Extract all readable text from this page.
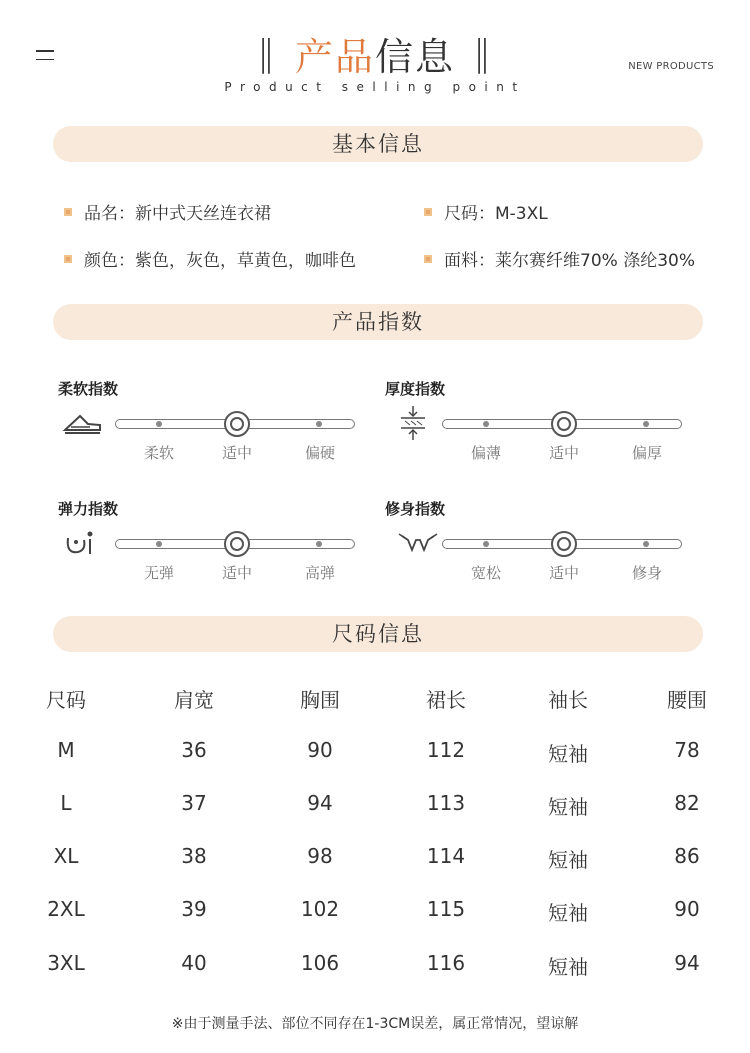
‖ 产品信息 ‖
Product selling point
NEW PRODUCTS
基本信息
品名：新中式天丝连衣裙	尺码：M-3XL
颜色：紫色，灰色，草黄色，咖啡色	面料：莱尔赛纤维70% 涤纶30%
产品指数
柔软指数
柔软	适中	偏硬
厚度指数
偏薄	适中	偏厚
弹力指数
无弹	适中	高弹
修身指数
宽松	适中	修身
尺码信息
尺码	肩宽	胸围	裙长	袖长	腰围
M	36	90	112	短袖	78
L	37	94	113	短袖	82
XL	38	98	114	短袖	86
2XL	39	102	115	短袖	90
3XL	40	106	116	短袖	94
※由于测量手法、部位不同存在1-3CM误差，属正常情况，望谅解
